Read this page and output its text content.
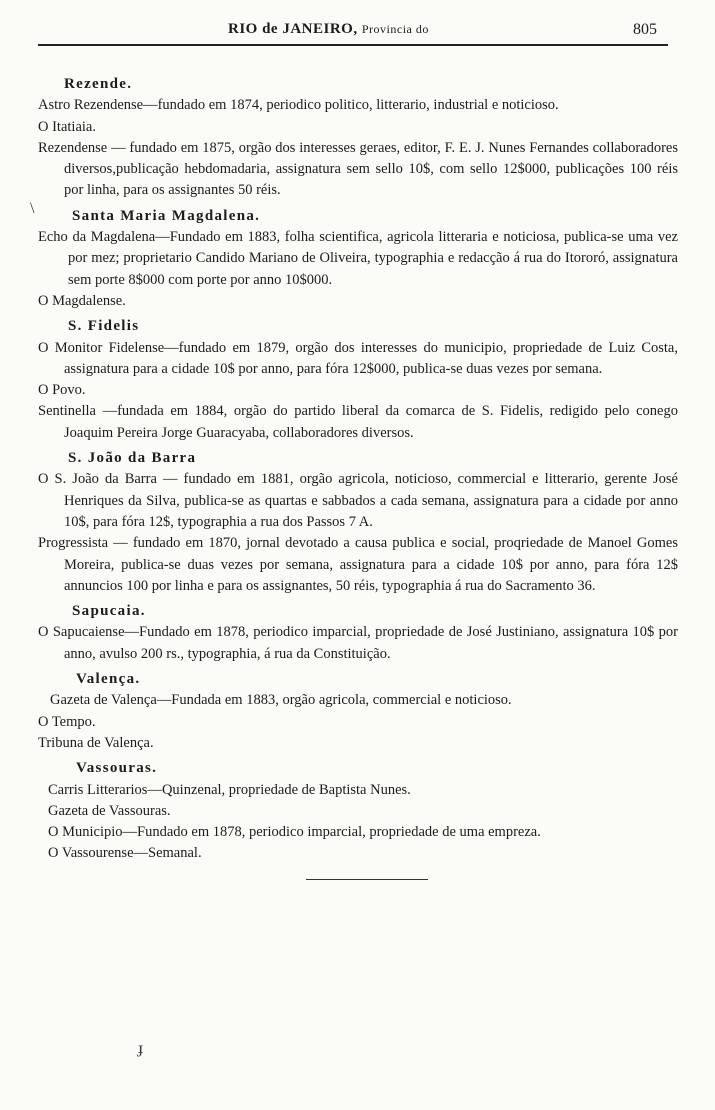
RIO de JANEIRO, Provincia do	805
Rezende.
Astro Rezendense—fundado em 1874, periodico politico, litterario, industrial e noticioso.
O Itatiaia.
Rezendense — fundado em 1875, orgão dos interesses geraes, editor, F. E. J. Nunes Fernandes collaboradores diversos,publicação hebdomadaria, assignatura sem sello 10$, com sello 12$000, publicações 100 réis por linha, para os assignantes 50 réis.
Santa Maria Magdalena.
Echo da Magdalena—Fundado em 1883, folha scientifica, agricola litteraria e noticiosa, publica-se uma vez por mez; proprietario Candido Mariano de Oliveira, typographia e redacção á rua do Itororó, assignatura sem porte 8$000 com porte por anno 10$000.
O Magdalense.
S. Fidelis
O Monitor Fidelense—fundado em 1879, orgão dos interesses do municipio, propriedade de Luiz Costa, assignatura para a cidade 10$ por anno, para fóra 12$000, publica-se duas vezes por semana.
O Povo.
Sentinella —fundada em 1884, orgão do partido liberal da comarca de S. Fidelis, redigido pelo conego Joaquim Pereira Jorge Guaracyaba, collaboradores diversos.
S. João da Barra
O S. João da Barra — fundado em 1881, orgão agricola, noticioso, commercial e litterario, gerente José Henriques da Silva, publica-se as quartas e sabbados a cada semana, assignatura para a cidade por anno 10$, para fóra 12$, typographia a rua dos Passos 7 A.
Progressista — fundado em 1870, jornal devotado a causa publica e social, proqriedade de Manoel Gomes Moreira, publica-se duas vezes por semana, assignatura para a cidade 10$ por anno, para fóra 12$ annuncios 100 por linha e para os assignantes, 50 réis, typographia á rua do Sacramento 36.
Sapucaia.
O Sapucaiense—Fundado em 1878, periodico imparcial, propriedade de José Justiniano, assignatura 10$ por anno, avulso 200 rs., typographia, á rua da Constituição.
Valença.
Gazeta de Valença—Fundada em 1883, orgão agricola, commercial e noticioso.
O Tempo.
Tribuna de Valença.
Vassouras.
Carris Litterarios—Quinzenal, propriedade de Baptista Nunes.
Gazeta de Vassouras.
O Municipio—Fundado em 1878, periodico imparcial, propriedade de uma empreza.
O Vassourense—Semanal.
\
ɟ
